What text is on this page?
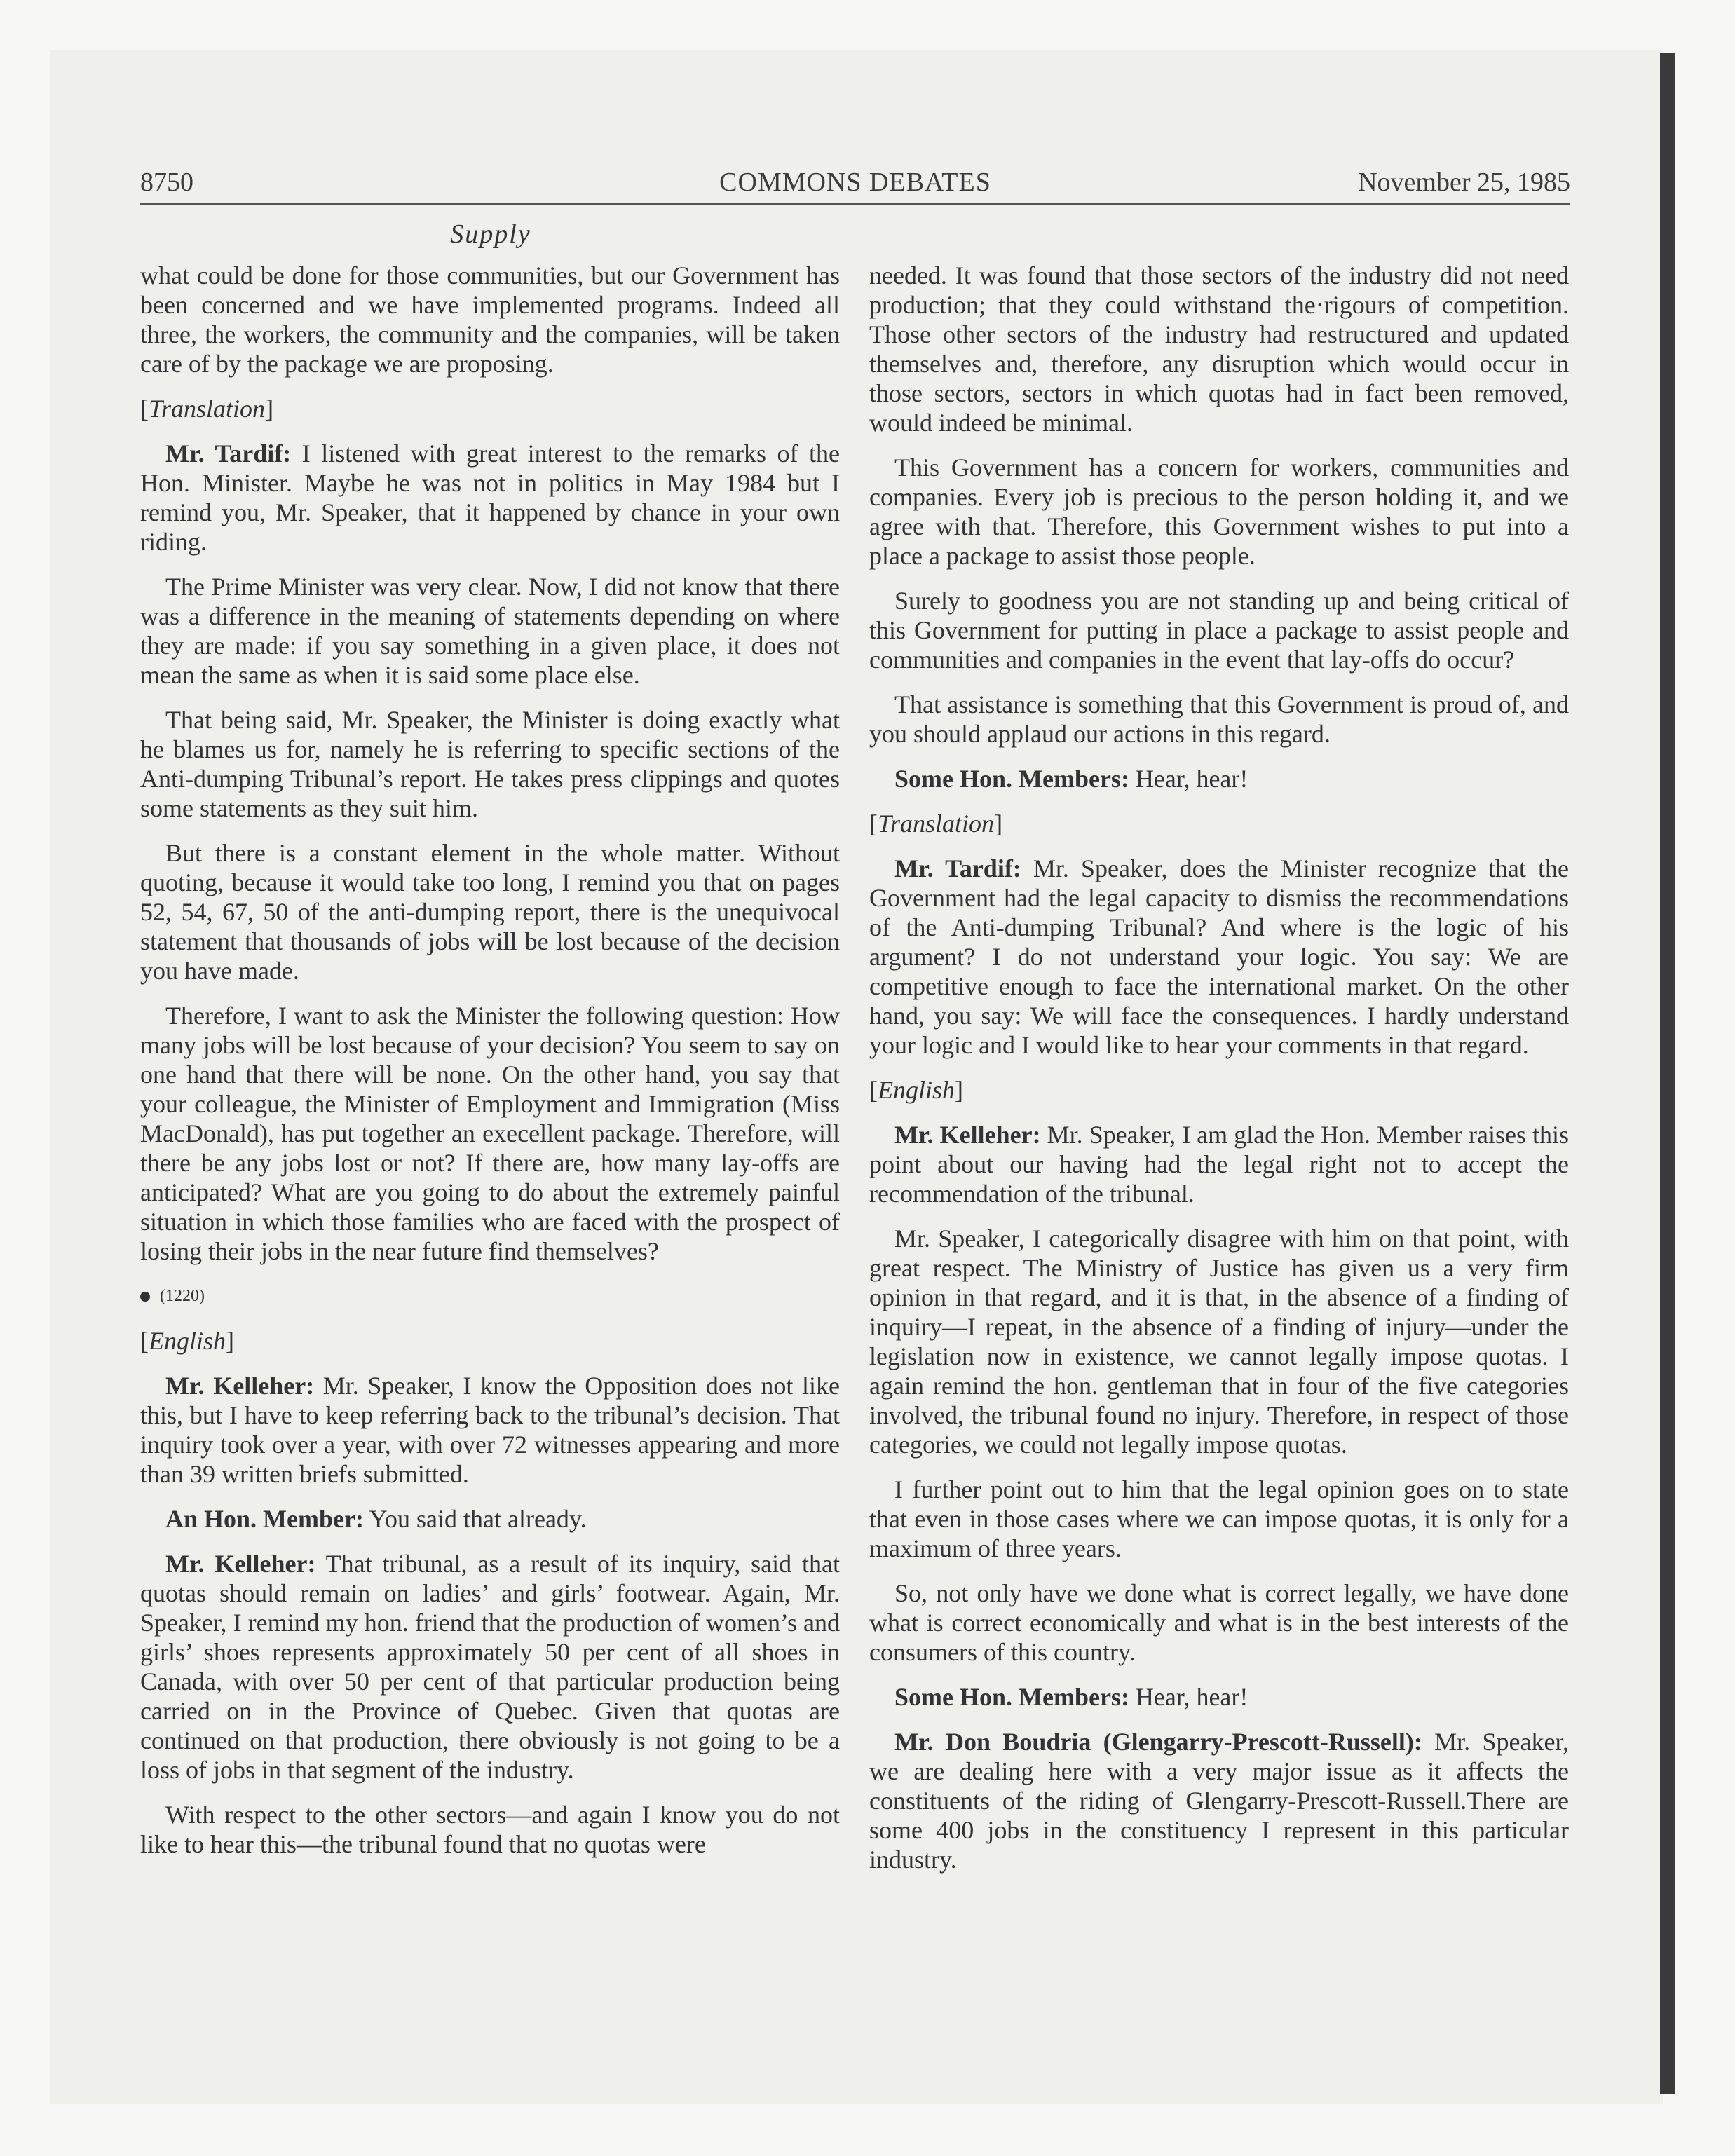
8750	COMMONS DEBATES	November 25, 1985
Supply

what could be done for those communities, but our Government has been concerned and we have implemented programs. Indeed all three, the workers, the community and the companies, will be taken care of by the package we are proposing.

[Translation]

Mr. Tardif: I listened with great interest to the remarks of the Hon. Minister. Maybe he was not in politics in May 1984 but I remind you, Mr. Speaker, that it happened by chance in your own riding.

The Prime Minister was very clear. Now, I did not know that there was a difference in the meaning of statements depending on where they are made: if you say something in a given place, it does not mean the same as when it is said some place else.

That being said, Mr. Speaker, the Minister is doing exactly what he blames us for, namely he is referring to specific sections of the Anti-dumping Tribunal’s report. He takes press clippings and quotes some statements as they suit him.

But there is a constant element in the whole matter. Without quoting, because it would take too long, I remind you that on pages 52, 54, 67, 50 of the anti-dumping report, there is the unequivocal statement that thousands of jobs will be lost because of the decision you have made.

Therefore, I want to ask the Minister the following question: How many jobs will be lost because of your decision? You seem to say on one hand that there will be none. On the other hand, you say that your colleague, the Minister of Employment and Immigration (Miss MacDonald), has put together an execellent package. Therefore, will there be any jobs lost or not? If there are, how many lay-offs are anticipated? What are you going to do about the extremely painful situation in which those families who are faced with the prospect of losing their jobs in the near future find themselves?

(1220)
[English]

Mr. Kelleher: Mr. Speaker, I know the Opposition does not like this, but I have to keep referring back to the tribunal’s decision. That inquiry took over a year, with over 72 witnesses appearing and more than 39 written briefs submitted.

An Hon. Member: You said that already.

Mr. Kelleher: That tribunal, as a result of its inquiry, said that quotas should remain on ladies’ and girls’ footwear. Again, Mr. Speaker, I remind my hon. friend that the production of women’s and girls’ shoes represents approximately 50 per cent of all shoes in Canada, with over 50 per cent of that particular production being carried on in the Province of Quebec. Given that quotas are continued on that production, there obviously is not going to be a loss of jobs in that segment of the industry.

With respect to the other sectors—and again I know you do not like to hear this—the tribunal found that no quotas were

needed. It was found that those sectors of the industry did not need production; that they could withstand the·rigours of competition. Those other sectors of the industry had restructured and updated themselves and, therefore, any disruption which would occur in those sectors, sectors in which quotas had in fact been removed, would indeed be minimal.

This Government has a concern for workers, communities and companies. Every job is precious to the person holding it, and we agree with that. Therefore, this Government wishes to put into a place a package to assist those people.

Surely to goodness you are not standing up and being critical of this Government for putting in place a package to assist people and communities and companies in the event that lay-offs do occur?

That assistance is something that this Government is proud of, and you should applaud our actions in this regard.

Some Hon. Members: Hear, hear!

[Translation]

Mr. Tardif: Mr. Speaker, does the Minister recognize that the Government had the legal capacity to dismiss the recommendations of the Anti-dumping Tribunal? And where is the logic of his argument? I do not understand your logic. You say: We are competitive enough to face the international market. On the other hand, you say: We will face the consequences. I hardly understand your logic and I would like to hear your comments in that regard.

[English]

Mr. Kelleher: Mr. Speaker, I am glad the Hon. Member raises this point about our having had the legal right not to accept the recommendation of the tribunal.

Mr. Speaker, I categorically disagree with him on that point, with great respect. The Ministry of Justice has given us a very firm opinion in that regard, and it is that, in the absence of a finding of inquiry—I repeat, in the absence of a finding of injury—under the legislation now in existence, we cannot legally impose quotas. I again remind the hon. gentleman that in four of the five categories involved, the tribunal found no injury. Therefore, in respect of those categories, we could not legally impose quotas.

I further point out to him that the legal opinion goes on to state that even in those cases where we can impose quotas, it is only for a maximum of three years.

So, not only have we done what is correct legally, we have done what is correct economically and what is in the best interests of the consumers of this country.

Some Hon. Members: Hear, hear!

Mr. Don Boudria (Glengarry-Prescott-Russell): Mr. Speaker, we are dealing here with a very major issue as it affects the constituents of the riding of Glengarry-Prescott-Russell.There are some 400 jobs in the constituency I represent in this particular industry.
